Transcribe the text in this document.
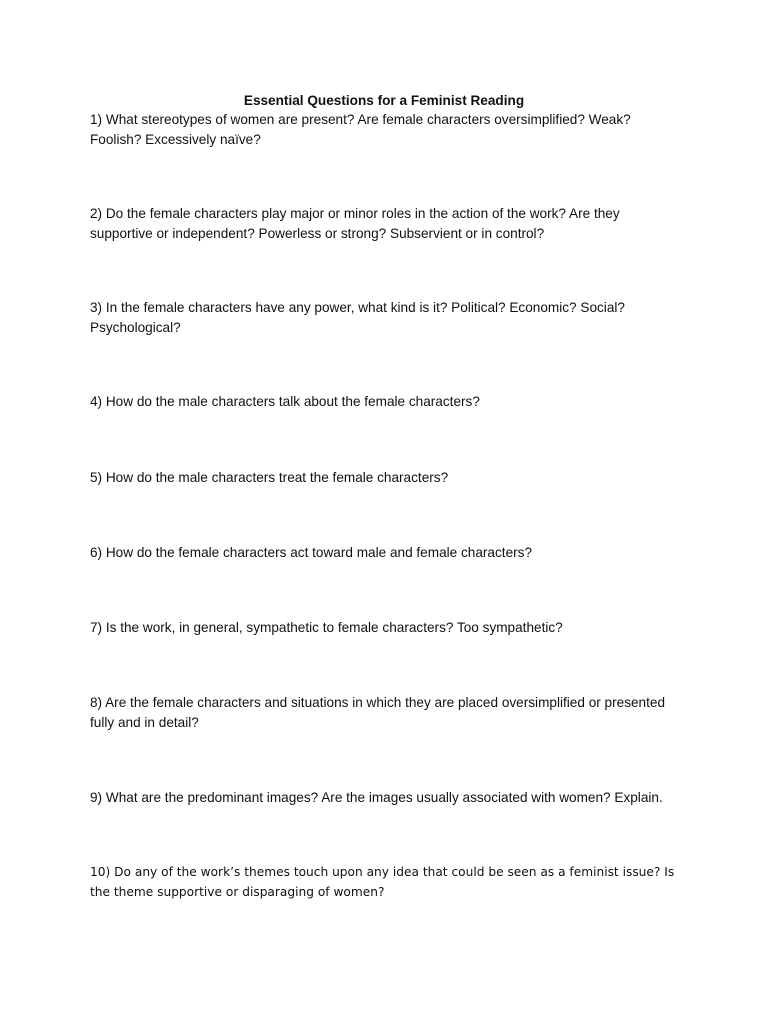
Essential Questions for a Feminist Reading
1) What stereotypes of women are present? Are female characters oversimplified? Weak?
Foolish? Excessively naïve?
2) Do the female characters play major or minor roles in the action of the work? Are they
supportive or independent? Powerless or strong? Subservient or in control?
3) In the female characters have any power, what kind is it? Political? Economic? Social?
Psychological?
4) How do the male characters talk about the female characters?
5) How do the male characters treat the female characters?
6) How do the female characters act toward male and female characters?
7) Is the work, in general, sympathetic to female characters? Too sympathetic?
8) Are the female characters and situations in which they are placed oversimplified or presented
fully and in detail?
9) What are the predominant images? Are the images usually associated with women? Explain.
10) Do any of the work’s themes touch upon any idea that could be seen as a feminist issue? Is
the theme supportive or disparaging of women?
